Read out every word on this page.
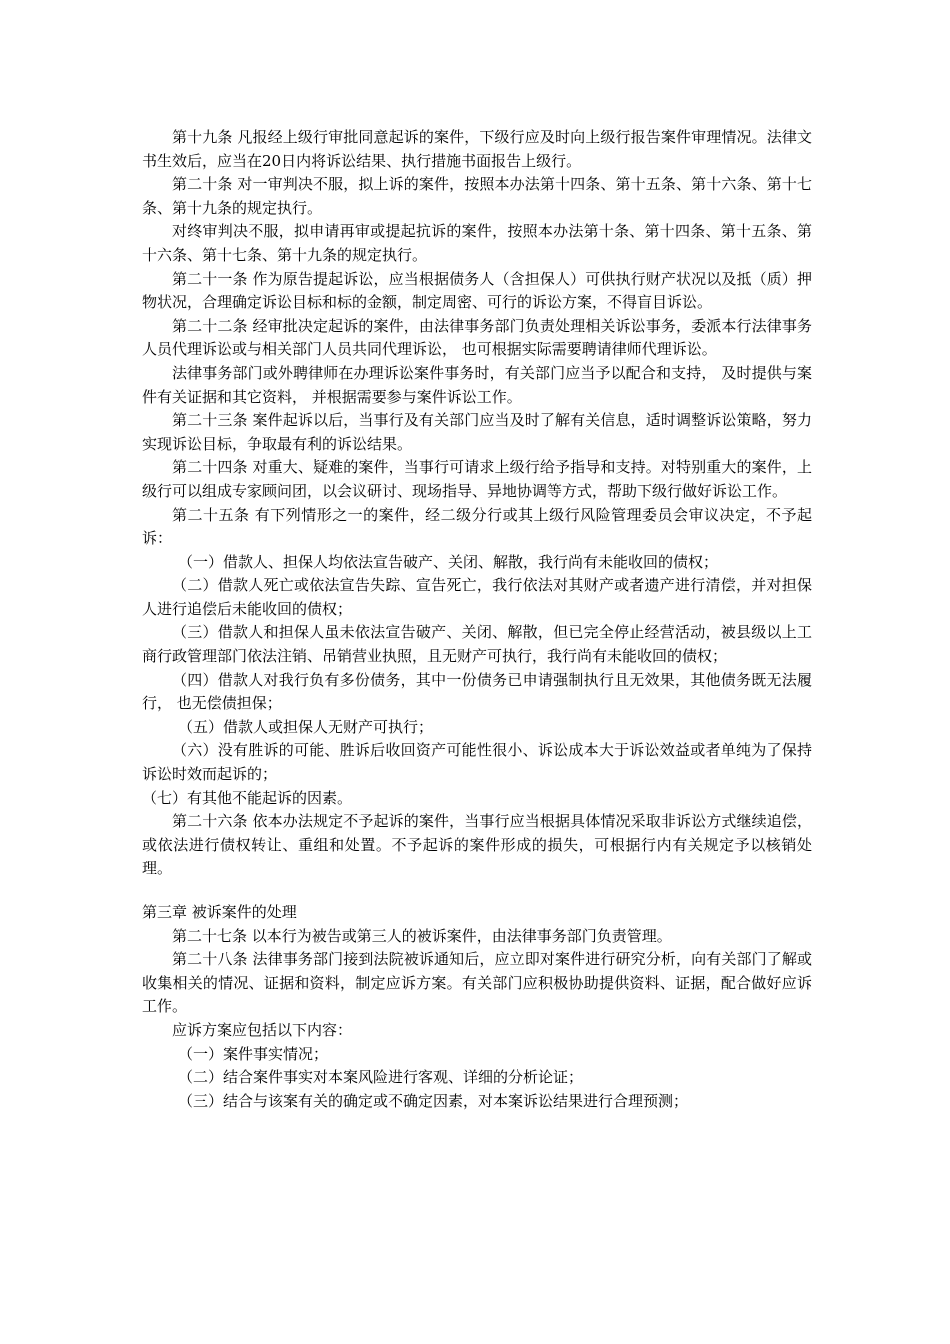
第十九条 凡报经上级行审批同意起诉的案件，下级行应及时向上级行报告案件审理情况。法律文书生效后，应当在20日内将诉讼结果、执行措施书面报告上级行。

第二十条 对一审判决不服，拟上诉的案件，按照本办法第十四条、第十五条、第十六条、第十七条、第十九条的规定执行。

对终审判决不服，拟申请再审或提起抗诉的案件，按照本办法第十条、第十四条、第十五条、第十六条、第十七条、第十九条的规定执行。

第二十一条 作为原告提起诉讼，应当根据债务人（含担保人）可供执行财产状况以及抵（质）押物状况，合理确定诉讼目标和标的金额，制定周密、可行的诉讼方案，不得盲目诉讼。

第二十二条 经审批决定起诉的案件，由法律事务部门负责处理相关诉讼事务，委派本行法律事务人员代理诉讼或与相关部门人员共同代理诉讼， 也可根据实际需要聘请律师代理诉讼。

法律事务部门或外聘律师在办理诉讼案件事务时，有关部门应当予以配合和支持， 及时提供与案件有关证据和其它资料， 并根据需要参与案件诉讼工作。

第二十三条 案件起诉以后，当事行及有关部门应当及时了解有关信息，适时调整诉讼策略，努力实现诉讼目标，争取最有利的诉讼结果。

第二十四条 对重大、疑难的案件，当事行可请求上级行给予指导和支持。对特别重大的案件，上级行可以组成专家顾问团，以会议研讨、现场指导、异地协调等方式，帮助下级行做好诉讼工作。

第二十五条 有下列情形之一的案件，经二级分行或其上级行风险管理委员会审议决定，不予起诉：

（一）借款人、担保人均依法宣告破产、关闭、解散，我行尚有未能收回的债权；

（二）借款人死亡或依法宣告失踪、宣告死亡，我行依法对其财产或者遗产进行清偿，并对担保人进行追偿后未能收回的债权；

（三）借款人和担保人虽未依法宣告破产、关闭、解散，但已完全停止经营活动，被县级以上工商行政管理部门依法注销、吊销营业执照，且无财产可执行，我行尚有未能收回的债权；

（四）借款人对我行负有多份债务，其中一份债务已申请强制执行且无效果，其他债务既无法履行， 也无偿债担保；

（五）借款人或担保人无财产可执行；

（六）没有胜诉的可能、胜诉后收回资产可能性很小、诉讼成本大于诉讼效益或者单纯为了保持诉讼时效而起诉的；

（七）有其他不能起诉的因素。

第二十六条 依本办法规定不予起诉的案件，当事行应当根据具体情况采取非诉讼方式继续追偿，或依法进行债权转让、重组和处置。不予起诉的案件形成的损失，可根据行内有关规定予以核销处理。

第三章 被诉案件的处理

第二十七条 以本行为被告或第三人的被诉案件，由法律事务部门负责管理。

第二十八条 法律事务部门接到法院被诉通知后，应立即对案件进行研究分析，向有关部门了解或收集相关的情况、证据和资料，制定应诉方案。有关部门应积极协助提供资料、证据，配合做好应诉工作。

应诉方案应包括以下内容：

（一）案件事实情况；

（二）结合案件事实对本案风险进行客观、详细的分析论证；

（三）结合与该案有关的确定或不确定因素，对本案诉讼结果进行合理预测；
